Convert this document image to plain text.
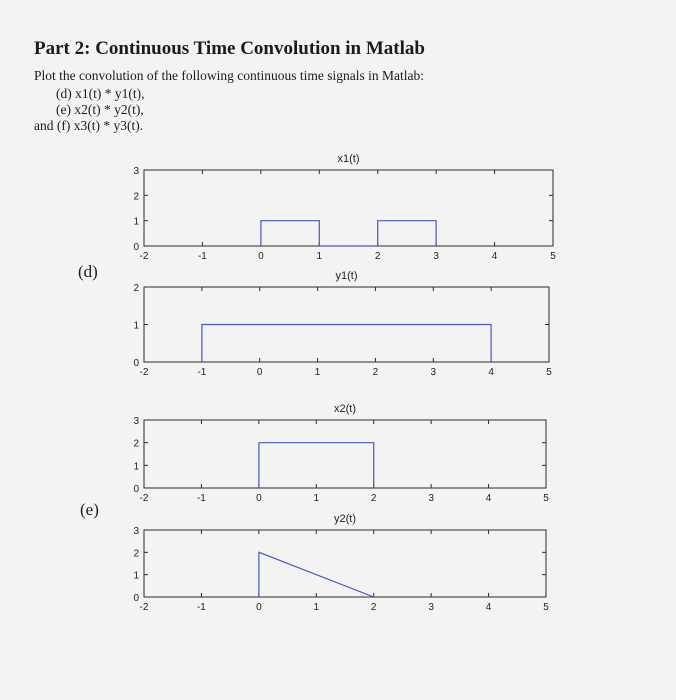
Part 2: Continuous Time Convolution in Matlab
Plot the convolution of the following continuous time signals in Matlab:
(d) x1(t) * y1(t),
(e) x2(t) * y2(t),
and (f) x3(t) * y3(t).
(d)
(e)
x1(t)
-2	-1	0	1	2	3	4	5
0
1
2
3
y1(t)
-2	-1	0	1	2	3	4	5
0
1
2
x2(t)
-2	-1	0	1	2	3	4	5
0
1
2
3
y2(t)
-2	-1	0	1	2	3	4	5
0
1
2
3
